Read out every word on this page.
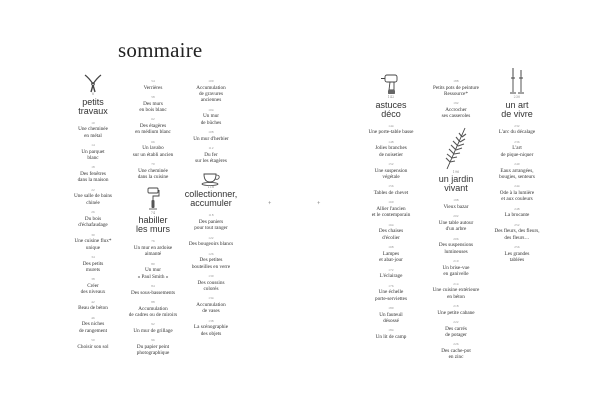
sommaire
8
petits
travaux
10
Une cheminée
en métal
14
Un parquet
blanc
18
Des fenêtres
dans la maison
22
Une salle de bains
chinée
26
Du bois
d'échafaudage
30
Une cuisine flux*
unique
34
Des petits
murets
38
Créer
des niveaux
42
Beau de béton
46
Des niches
de rangement
50
Choisir son sol
54
Verrières
58
Des murs
en bois blanc
62
Des étagères
en médium blanc
66
Un lavabo
sur un établi ancien
70
Une cheminée
dans la cuisine
74
habiller
les murs
76
Un mur en ardoise
aimanté
80
Un mur
« Paul Smith »
84
Des sous-bassements
88
Accumulation
de cadres ou de miroirs
92
Un mur de grillage
96
Du papier peint
photographique
100
Accumulation
de gravures
anciennes
104
Un mur
de bûches
108
Un mur d'herbier
112
Du fer
sur les étagères
116
collectionner,
accumuler
118
Des paniers
pour tout ranger
122
Des bougeoirs blancs
126
Des petites
bouteilles en verre
130
Des coussins
colorés
134
Accumulation
de vases
138
La scénographie
des objets
+	+
142
astuces
déco
144
Une porte-table basse
148
Jolies branches
de noisetier
152
Une suspension
végétale
156
Tables de chevet
160
Allier l'ancien
et le contemporain
164
Des chaises
d'écolier
168
Lampes
et abat-jour
172
L'éclairage
176
Une échelle
porte-serviettes
180
Un fauteuil
désossé
184
Un lit de camp
188
Petits pots de peinture
Ressource*
192
Accrocher
ses casseroles
196
un jardin
vivant
198
Vieux bazar
202
Une table autour
d'un arbre
206
Des suspensions
lumineuses
210
Un brise-vue
en ganivelle
214
Une cuisine extérieure
en béton
218
Une petite cabane
222
Des carrés
de potager
226
Des cache-pot
en zinc
230
un art
de vivre
232
L'arc du décalage
236
L'art
de pique-niquer
240
Eaux arrangées,
bougies, senteurs
244
Ode à la lumière
et aux couleurs
248
La brocante
252
Des fleurs, des fleurs,
des fleurs…
256
Les grandes
tablées
